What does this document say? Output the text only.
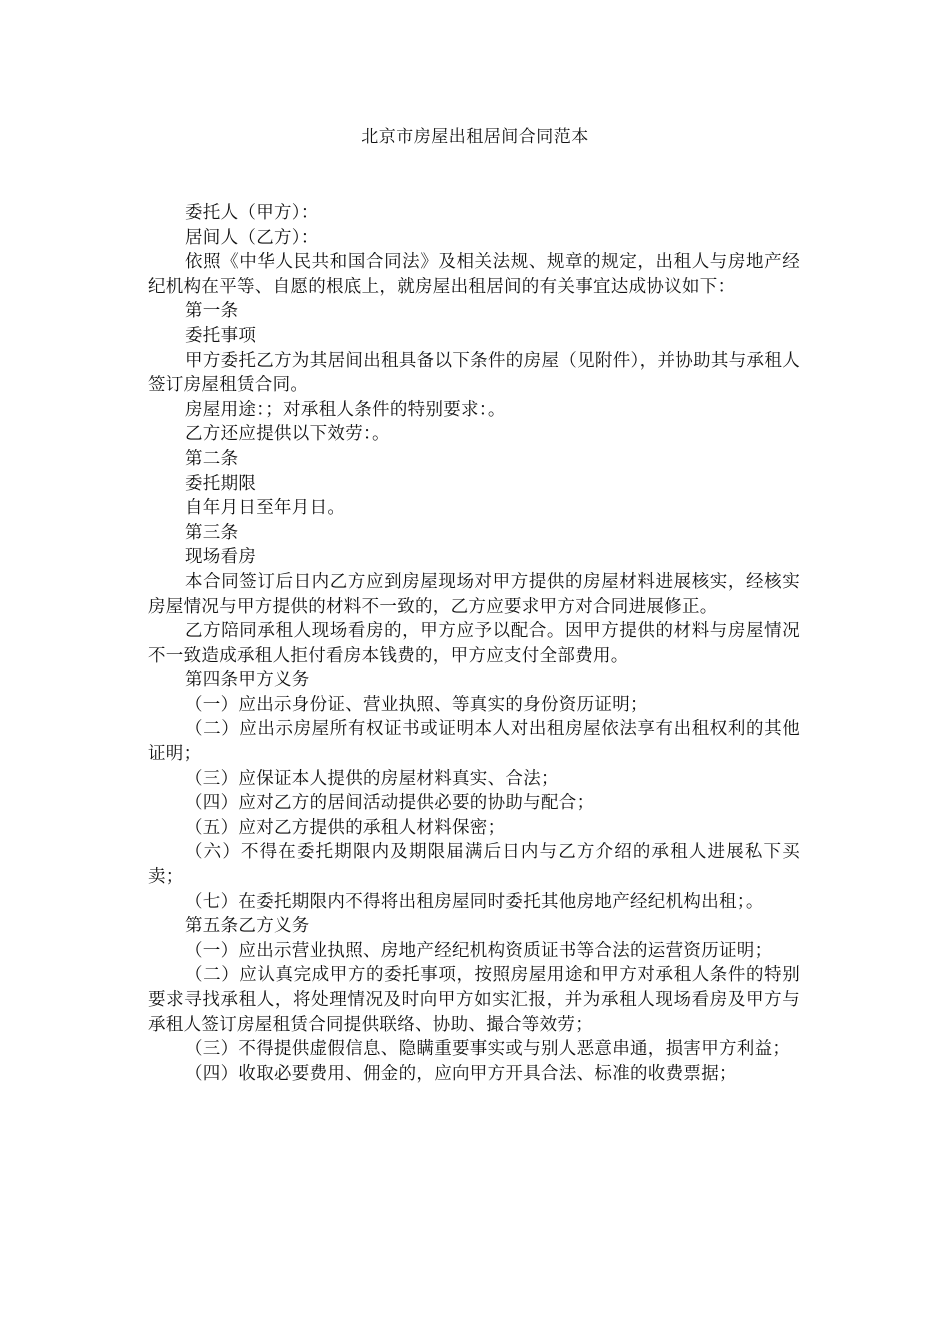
北京市房屋出租居间合同范本

委托人（甲方）：

居间人（乙方）：

依照《中华人民共和国合同法》及相关法规、规章的规定，出租人与房地产经纪机构在平等、自愿的根底上，就房屋出租居间的有关事宜达成协议如下：

第一条

委托事项

甲方委托乙方为其居间出租具备以下条件的房屋（见附件），并协助其与承租人签订房屋租赁合同。

房屋用途：；对承租人条件的特别要求：。

乙方还应提供以下效劳：。

第二条

委托期限

自年月日至年月日。

第三条

现场看房

本合同签订后日内乙方应到房屋现场对甲方提供的房屋材料进展核实，经核实房屋情况与甲方提供的材料不一致的，乙方应要求甲方对合同进展修正。

乙方陪同承租人现场看房的，甲方应予以配合。因甲方提供的材料与房屋情况不一致造成承租人拒付看房本钱费的，甲方应支付全部费用。

第四条甲方义务

（一）应出示身份证、营业执照、等真实的身份资历证明；

（二）应出示房屋所有权证书或证明本人对出租房屋依法享有出租权利的其他证明；

（三）应保证本人提供的房屋材料真实、合法；

（四）应对乙方的居间活动提供必要的协助与配合；

（五）应对乙方提供的承租人材料保密；

（六）不得在委托期限内及期限届满后日内与乙方介绍的承租人进展私下买卖；

（七）在委托期限内不得将出租房屋同时委托其他房地产经纪机构出租；。

第五条乙方义务

（一）应出示营业执照、房地产经纪机构资质证书等合法的运营资历证明；

（二）应认真完成甲方的委托事项，按照房屋用途和甲方对承租人条件的特别要求寻找承租人，将处理情况及时向甲方如实汇报，并为承租人现场看房及甲方与承租人签订房屋租赁合同提供联络、协助、撮合等效劳；

（三）不得提供虚假信息、隐瞒重要事实或与别人恶意串通，损害甲方利益；

（四）收取必要费用、佣金的，应向甲方开具合法、标准的收费票据；
